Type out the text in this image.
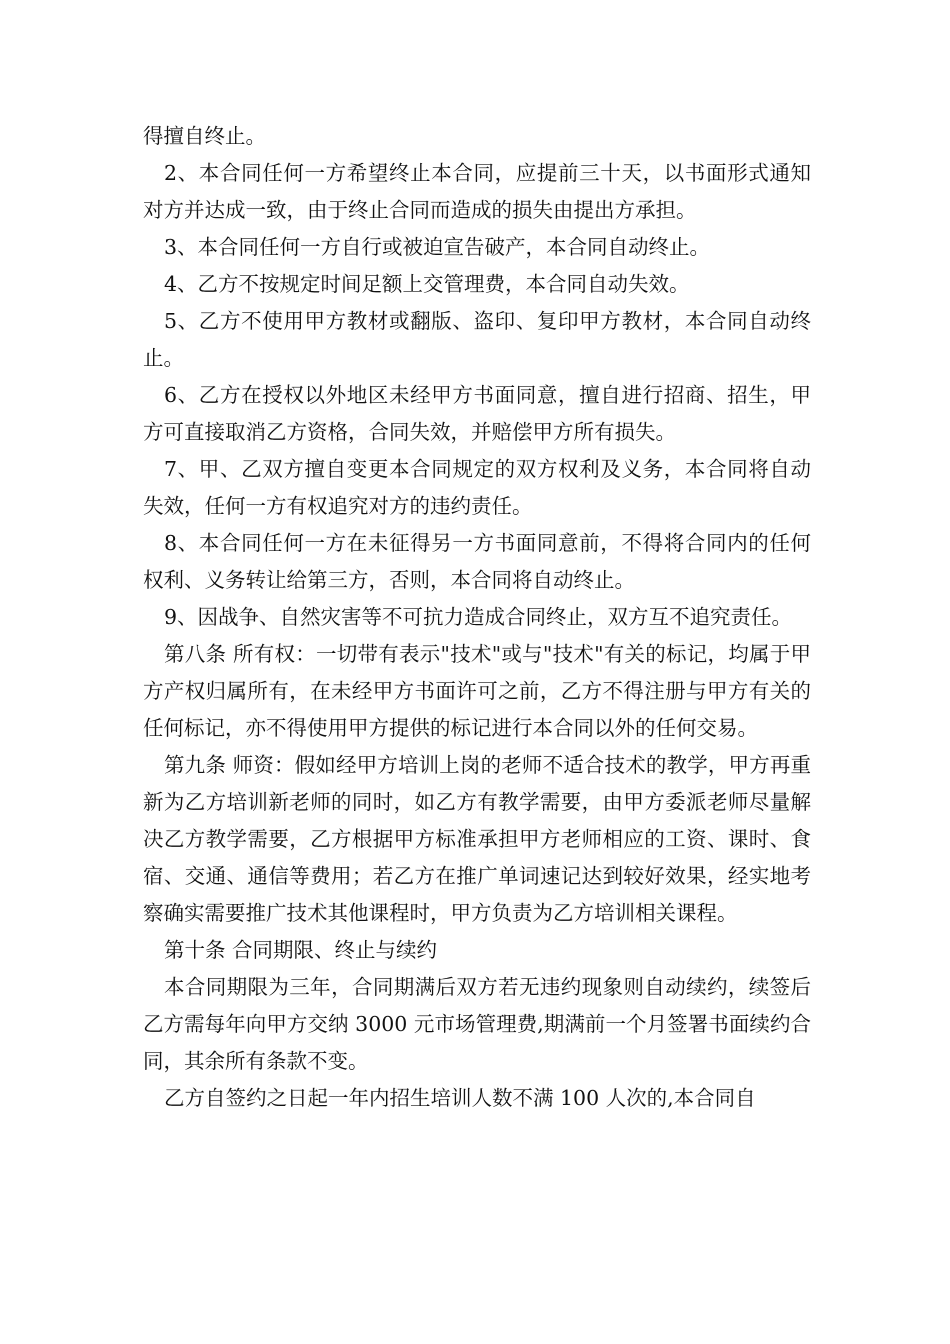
得擅自终止。

2、本合同任何一方希望终止本合同，应提前三十天，以书面形式通知对方并达成一致，由于终止合同而造成的损失由提出方承担。

3、本合同任何一方自行或被迫宣告破产，本合同自动终止。

4、乙方不按规定时间足额上交管理费，本合同自动失效。

5、乙方不使用甲方教材或翻版、盗印、复印甲方教材，本合同自动终止。

6、乙方在授权以外地区未经甲方书面同意，擅自进行招商、招生，甲方可直接取消乙方资格，合同失效，并赔偿甲方所有损失。

7、甲、乙双方擅自变更本合同规定的双方权利及义务，本合同将自动失效，任何一方有权追究对方的违约责任。

8、本合同任何一方在未征得另一方书面同意前，不得将合同内的任何权利、义务转让给第三方，否则，本合同将自动终止。

9、因战争、自然灾害等不可抗力造成合同终止，双方互不追究责任。

第八条 所有权：一切带有表示"技术"或与"技术"有关的标记，均属于甲方产权归属所有，在未经甲方书面许可之前，乙方不得注册与甲方有关的任何标记，亦不得使用甲方提供的标记进行本合同以外的任何交易。

第九条 师资：假如经甲方培训上岗的老师不适合技术的教学，甲方再重新为乙方培训新老师的同时，如乙方有教学需要，由甲方委派老师尽量解决乙方教学需要，乙方根据甲方标准承担甲方老师相应的工资、课时、食宿、交通、通信等费用；若乙方在推广单词速记达到较好效果，经实地考察确实需要推广技术其他课程时，甲方负责为乙方培训相关课程。

第十条 合同期限、终止与续约

本合同期限为三年，合同期满后双方若无违约现象则自动续约，续签后乙方需每年向甲方交纳 3000 元市场管理费,期满前一个月签署书面续约合同，其余所有条款不变。

乙方自签约之日起一年内招生培训人数不满 100 人次的,本合同自
